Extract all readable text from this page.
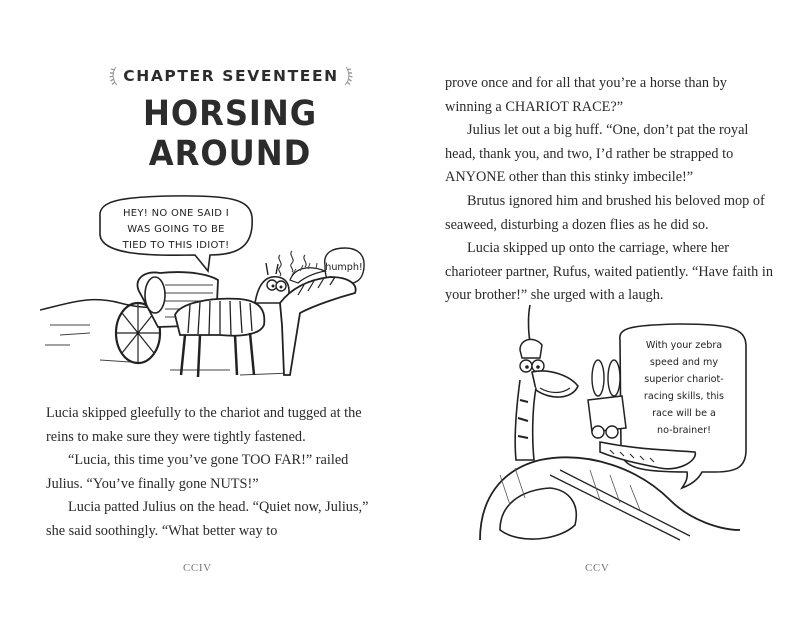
CHAPTER SEVENTEEN
HORSING AROUND
HEY! NO ONE SAID I
WAS GOING TO BE
TIED TO THIS IDIOT!
humph!

Lucia skipped gleefully to the chariot and tugged at the reins to make sure they were tightly fastened.

“Lucia, this time you’ve gone TOO FAR!” railed Julius. “You’ve finally gone NUTS!”

Lucia patted Julius on the head. “Quiet now, Julius,” she said soothingly. “What better way to

CCIV

prove once and for all that you’re a horse than by winning a CHARIOT RACE?”

Julius let out a big huff. “One, don’t pat the royal head, thank you, and two, I’d rather be strapped to ANYONE other than this stinky imbecile!”

Brutus ignored him and brushed his beloved mop of seaweed, disturbing a dozen flies as he did so.

Lucia skipped up onto the carriage, where her charioteer partner, Rufus, waited patiently. “Have faith in your brother!” she urged with a laugh.

With your zebra
speed and my
superior chariot-
racing skills, this
race will be a
no-brainer!
CCV
